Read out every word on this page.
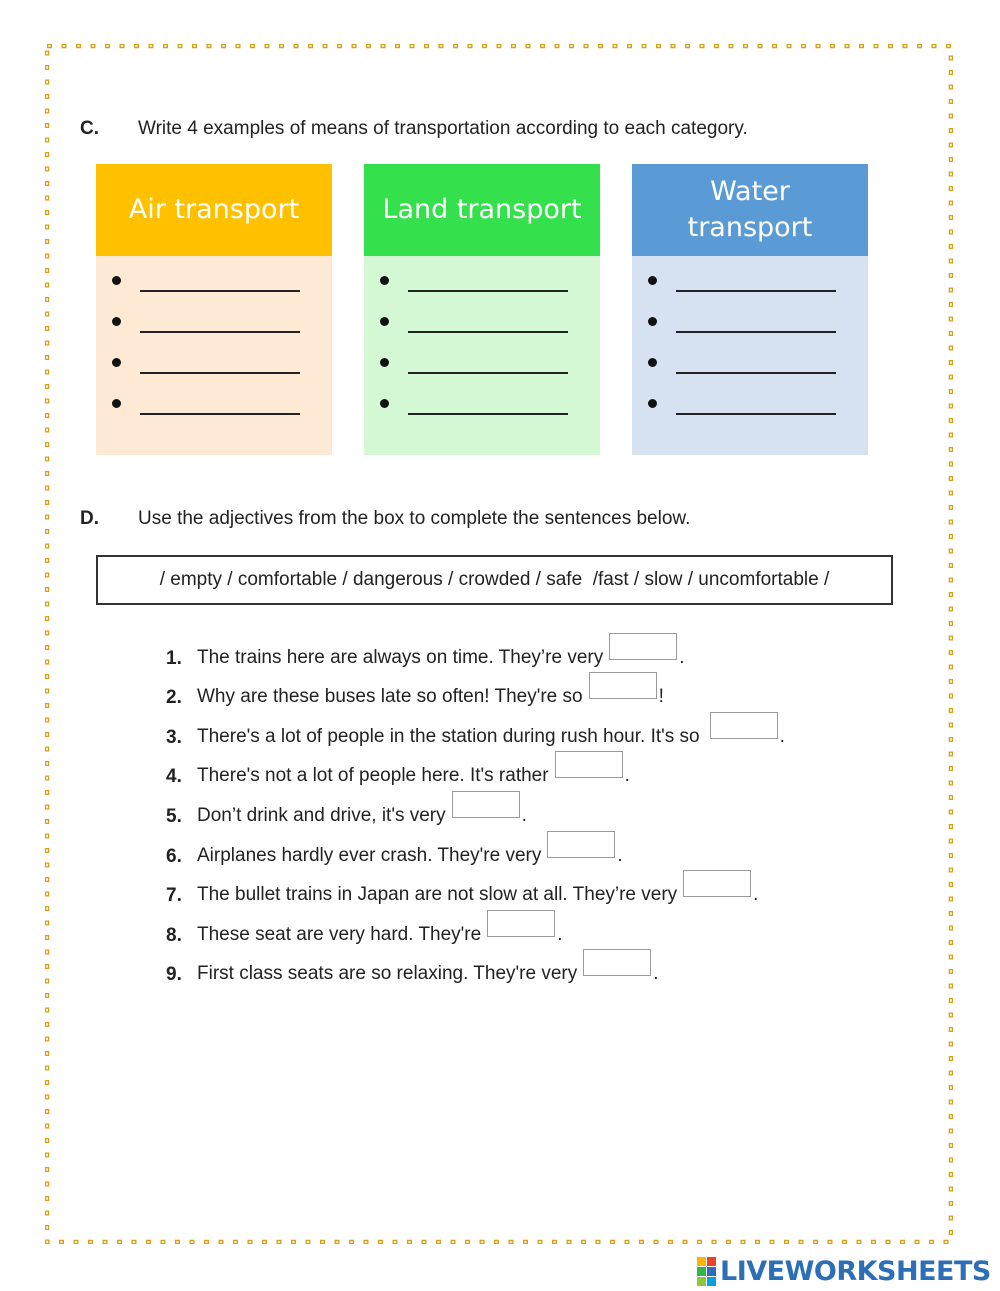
C. Write 4 examples of means of transportation according to each category.
Air transport	Land transport
Water transport
D. Use the adjectives from the box to complete the sentences below.
/ empty / comfortable / dangerous / crowded / safe  /fast / slow / uncomfortable /
1. The trains here are always on time. They’re very	.
2. Why are these buses late so often! They're so	!
3. There's a lot of people in the station during rush hour. It's so	.
4. There's not a lot of people here. It's rather	.
5. Don’t drink and drive, it's very	.
6. Airplanes hardly ever crash. They're very	.
7. The bullet trains in Japan are not slow at all. They’re very	.
8. These seat are very hard. They're	.
9. First class seats are so relaxing. They're very	.
LIVEWORKSHEETS
